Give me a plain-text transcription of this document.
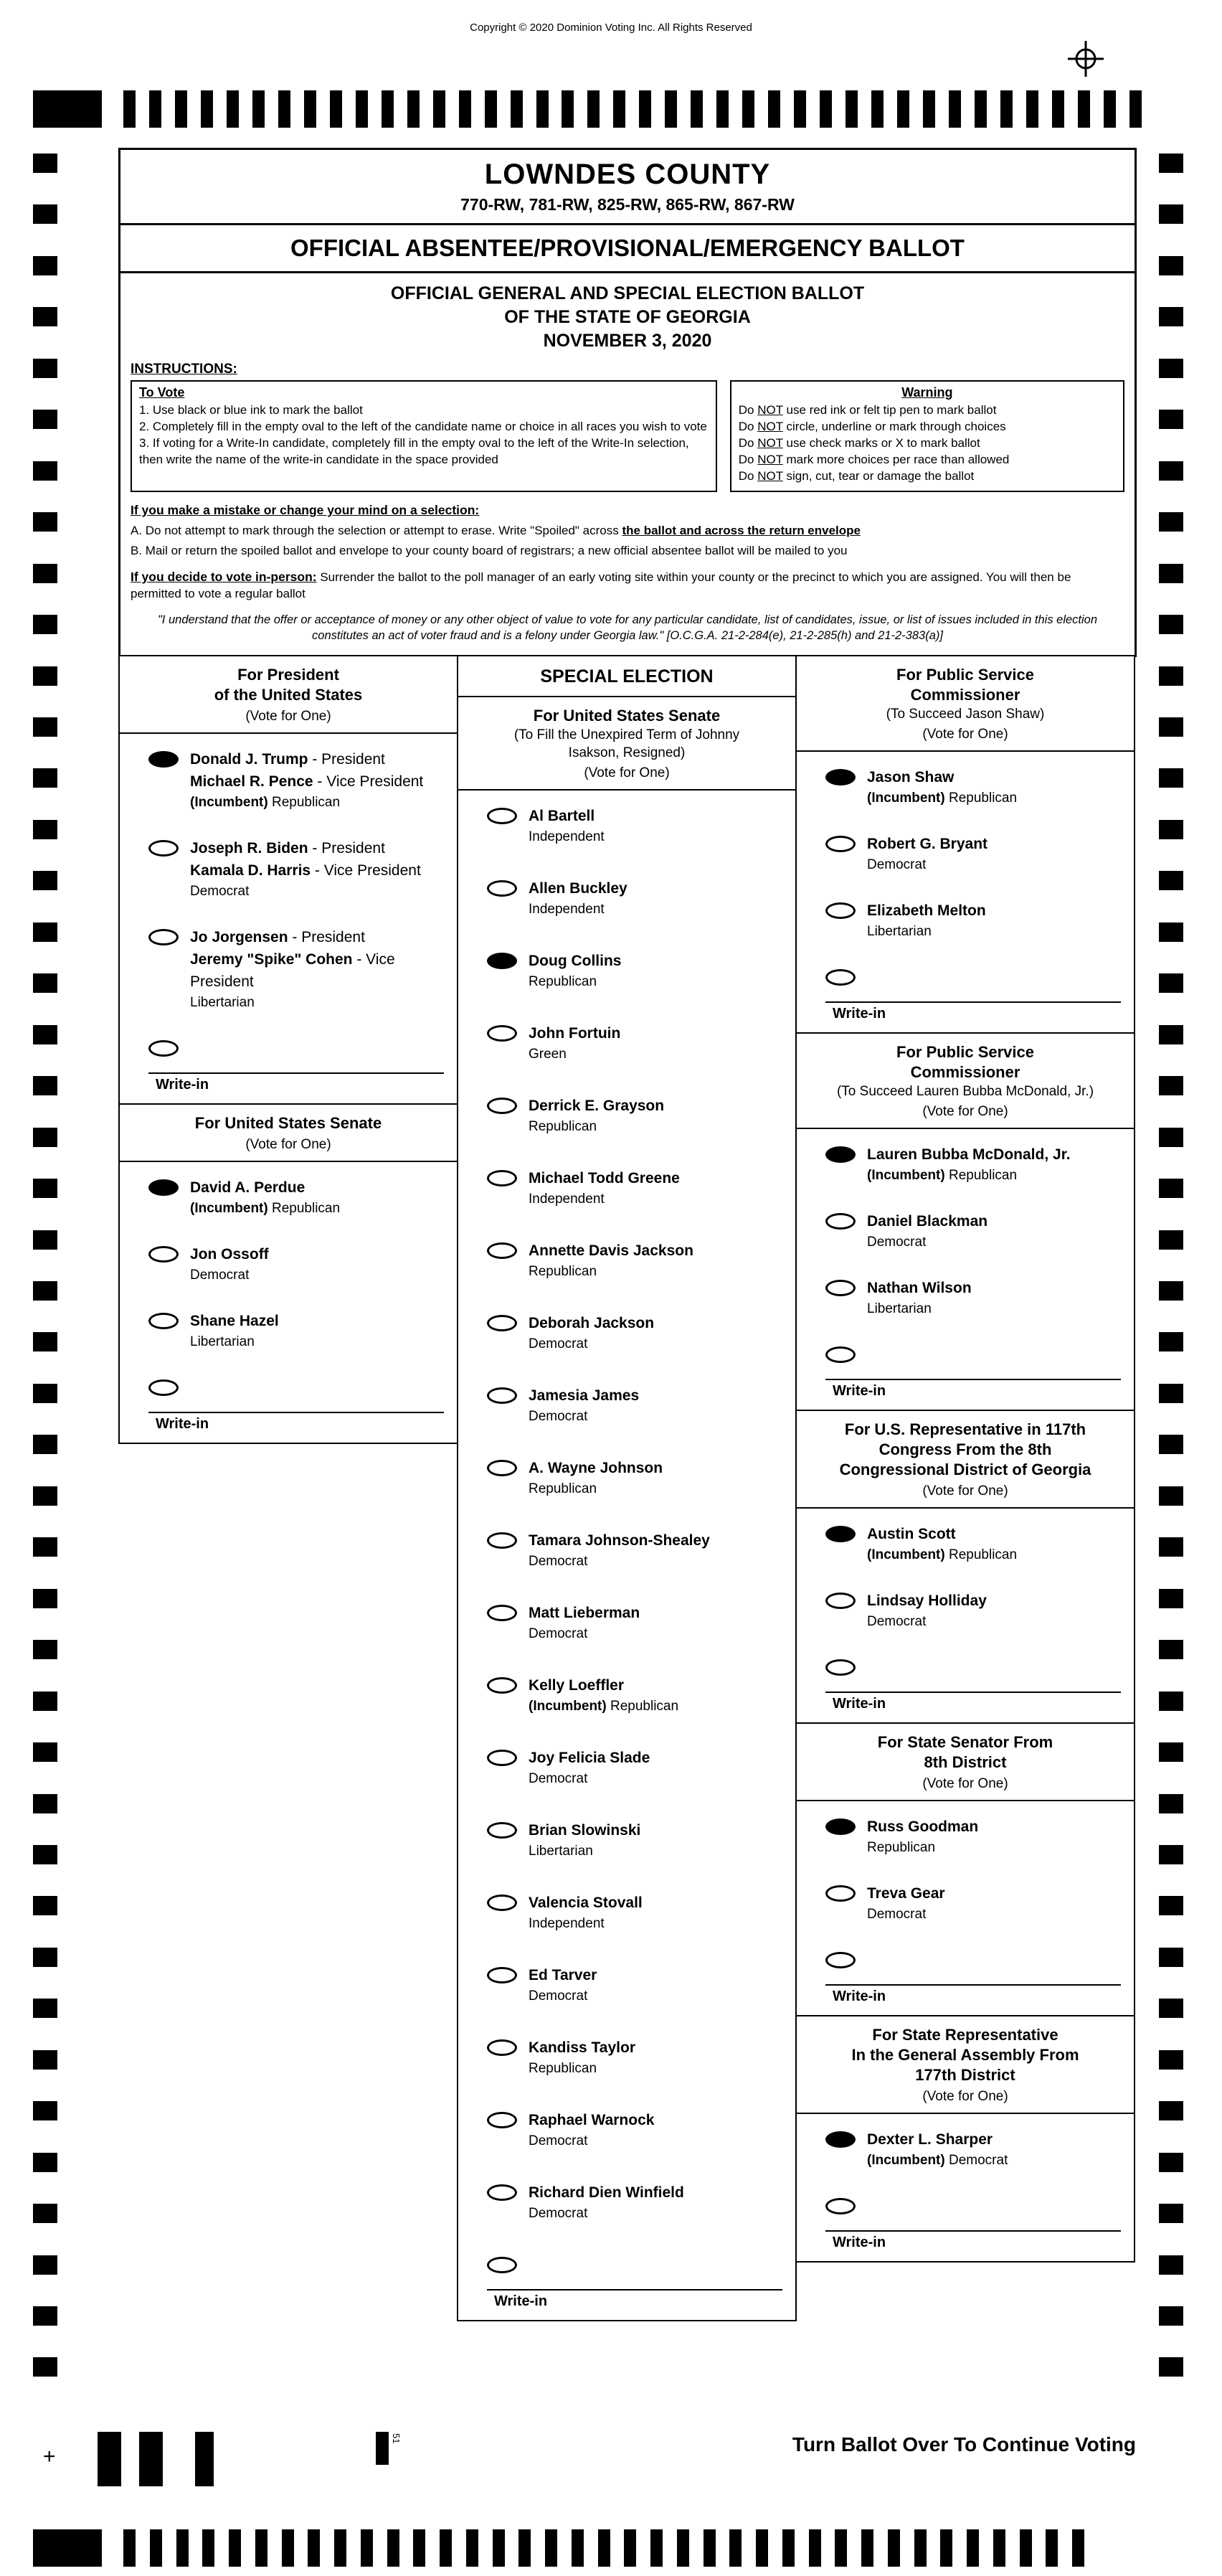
Copyright © 2020 Dominion Voting Inc. All Rights Reserved
LOWNDES COUNTY
770-RW, 781-RW, 825-RW, 865-RW, 867-RW
OFFICIAL ABSENTEE/PROVISIONAL/EMERGENCY BALLOT
OFFICIAL GENERAL AND SPECIAL ELECTION BALLOT
OF THE STATE OF GEORGIA
NOVEMBER 3, 2020
INSTRUCTIONS:
To Vote
1. Use black or blue ink to mark the ballot
2. Completely fill in the empty oval to the left of the candidate name or choice in all races you wish to vote
3. If voting for a Write-In candidate, completely fill in the empty oval to the left of the Write-In selection, then write the name of the write-in candidate in the space provided
Warning
Do NOT use red ink or felt tip pen to mark ballot
Do NOT circle, underline or mark through choices
Do NOT use check marks or X to mark ballot
Do NOT mark more choices per race than allowed
Do NOT sign, cut, tear or damage the ballot
If you make a mistake or change your mind on a selection:
A. Do not attempt to mark through the selection or attempt to erase. Write "Spoiled" across the ballot and across the return envelope
B. Mail or return the spoiled ballot and envelope to your county board of registrars; a new official absentee ballot will be mailed to you
If you decide to vote in-person: Surrender the ballot to the poll manager of an early voting site within your county or the precinct to which you are assigned. You will then be permitted to vote a regular ballot
"I understand that the offer or acceptance of money or any other object of value to vote for any particular candidate, list of candidates, issue, or list of issues included in this election constitutes an act of voter fraud and is a felony under Georgia law." [O.C.G.A. 21-2-284(e), 21-2-285(h) and 21-2-383(a)]
For President
of the United States
(Vote for One)
Donald J. Trump - President
Michael R. Pence - Vice President
(Incumbent) Republican
Joseph R. Biden - President
Kamala D. Harris - Vice President
Democrat
Jo Jorgensen - President
Jeremy "Spike" Cohen - Vice President
Libertarian
Write-in
For United States Senate
(Vote for One)
David A. Perdue
(Incumbent) Republican
Jon Ossoff
Democrat
Shane Hazel
Libertarian
Write-in
SPECIAL ELECTION
For United States Senate
(To Fill the Unexpired Term of Johnny
Isakson, Resigned)
(Vote for One)
Al Bartell
Independent
Allen Buckley
Independent
Doug Collins
Republican
John Fortuin
Green
Derrick E. Grayson
Republican
Michael Todd Greene
Independent
Annette Davis Jackson
Republican
Deborah Jackson
Democrat
Jamesia James
Democrat
A. Wayne Johnson
Republican
Tamara Johnson-Shealey
Democrat
Matt Lieberman
Democrat
Kelly Loeffler
(Incumbent) Republican
Joy Felicia Slade
Democrat
Brian Slowinski
Libertarian
Valencia Stovall
Independent
Ed Tarver
Democrat
Kandiss Taylor
Republican
Raphael Warnock
Democrat
Richard Dien Winfield
Democrat
Write-in
For Public Service
Commissioner
(To Succeed Jason Shaw)
(Vote for One)
Jason Shaw
(Incumbent) Republican
Robert G. Bryant
Democrat
Elizabeth Melton
Libertarian
Write-in
For Public Service
Commissioner
(To Succeed Lauren Bubba McDonald, Jr.)
(Vote for One)
Lauren Bubba McDonald, Jr.
(Incumbent) Republican
Daniel Blackman
Democrat
Nathan Wilson
Libertarian
Write-in
For U.S. Representative in 117th
Congress From the 8th
Congressional District of Georgia
(Vote for One)
Austin Scott
(Incumbent) Republican
Lindsay Holliday
Democrat
Write-in
For State Senator From
8th District
(Vote for One)
Russ Goodman
Republican
Treva Gear
Democrat
Write-in
For State Representative
In the General Assembly From
177th District
(Vote for One)
Dexter L. Sharper
(Incumbent) Democrat
Write-in
Turn Ballot Over To Continue Voting
+
51
